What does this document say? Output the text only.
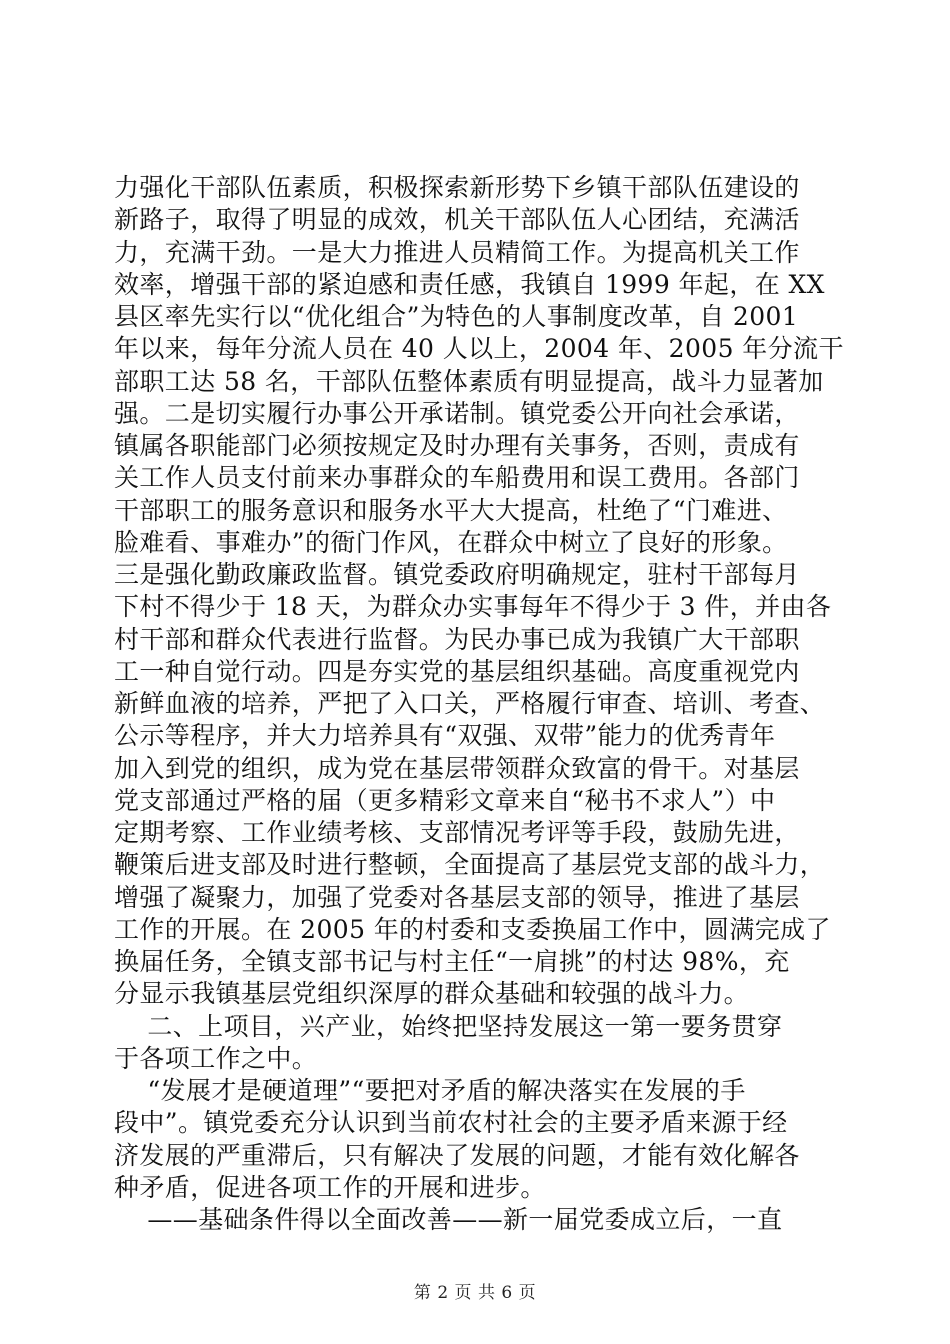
力强化干部队伍素质，积极探索新形势下乡镇干部队伍建设的
新路子，取得了明显的成效，机关干部队伍人心团结，充满活
力，充满干劲。一是大力推进人员精简工作。为提高机关工作
效率，增强干部的紧迫感和责任感，我镇自 1999 年起，在 XX
县区率先实行以“优化组合”为特色的人事制度改革，自 2001
年以来，每年分流人员在 40 人以上，2004 年、2005 年分流干
部职工达 58 名，干部队伍整体素质有明显提高，战斗力显著加
强。二是切实履行办事公开承诺制。镇党委公开向社会承诺，
镇属各职能部门必须按规定及时办理有关事务，否则，责成有
关工作人员支付前来办事群众的车船费用和误工费用。各部门
干部职工的服务意识和服务水平大大提高，杜绝了“门难进、
脸难看、事难办”的衙门作风，在群众中树立了良好的形象。
三是强化勤政廉政监督。镇党委政府明确规定，驻村干部每月
下村不得少于 18 天，为群众办实事每年不得少于 3 件，并由各
村干部和群众代表进行监督。为民办事已成为我镇广大干部职
工一种自觉行动。四是夯实党的基层组织基础。高度重视党内
新鲜血液的培养，严把了入口关，严格履行审查、培训、考查、
公示等程序，并大力培养具有“双强、双带”能力的优秀青年
加入到党的组织，成为党在基层带领群众致富的骨干。对基层
党支部通过严格的届（更多精彩文章来自“秘书不求人”）中
定期考察、工作业绩考核、支部情况考评等手段，鼓励先进，
鞭策后进支部及时进行整顿，全面提高了基层党支部的战斗力，
增强了凝聚力，加强了党委对各基层支部的领导，推进了基层
工作的开展。在 2005 年的村委和支委换届工作中，圆满完成了
换届任务，全镇支部书记与村主任“一肩挑”的村达 98%，充
分显示我镇基层党组织深厚的群众基础和较强的战斗力。
二、上项目，兴产业，始终把坚持发展这一第一要务贯穿
于各项工作之中。
“发展才是硬道理”“要把对矛盾的解决落实在发展的手
段中”。镇党委充分认识到当前农村社会的主要矛盾来源于经
济发展的严重滞后，只有解决了发展的问题，才能有效化解各
种矛盾，促进各项工作的开展和进步。
——基础条件得以全面改善——新一届党委成立后，一直
第 2 页 共 6 页
